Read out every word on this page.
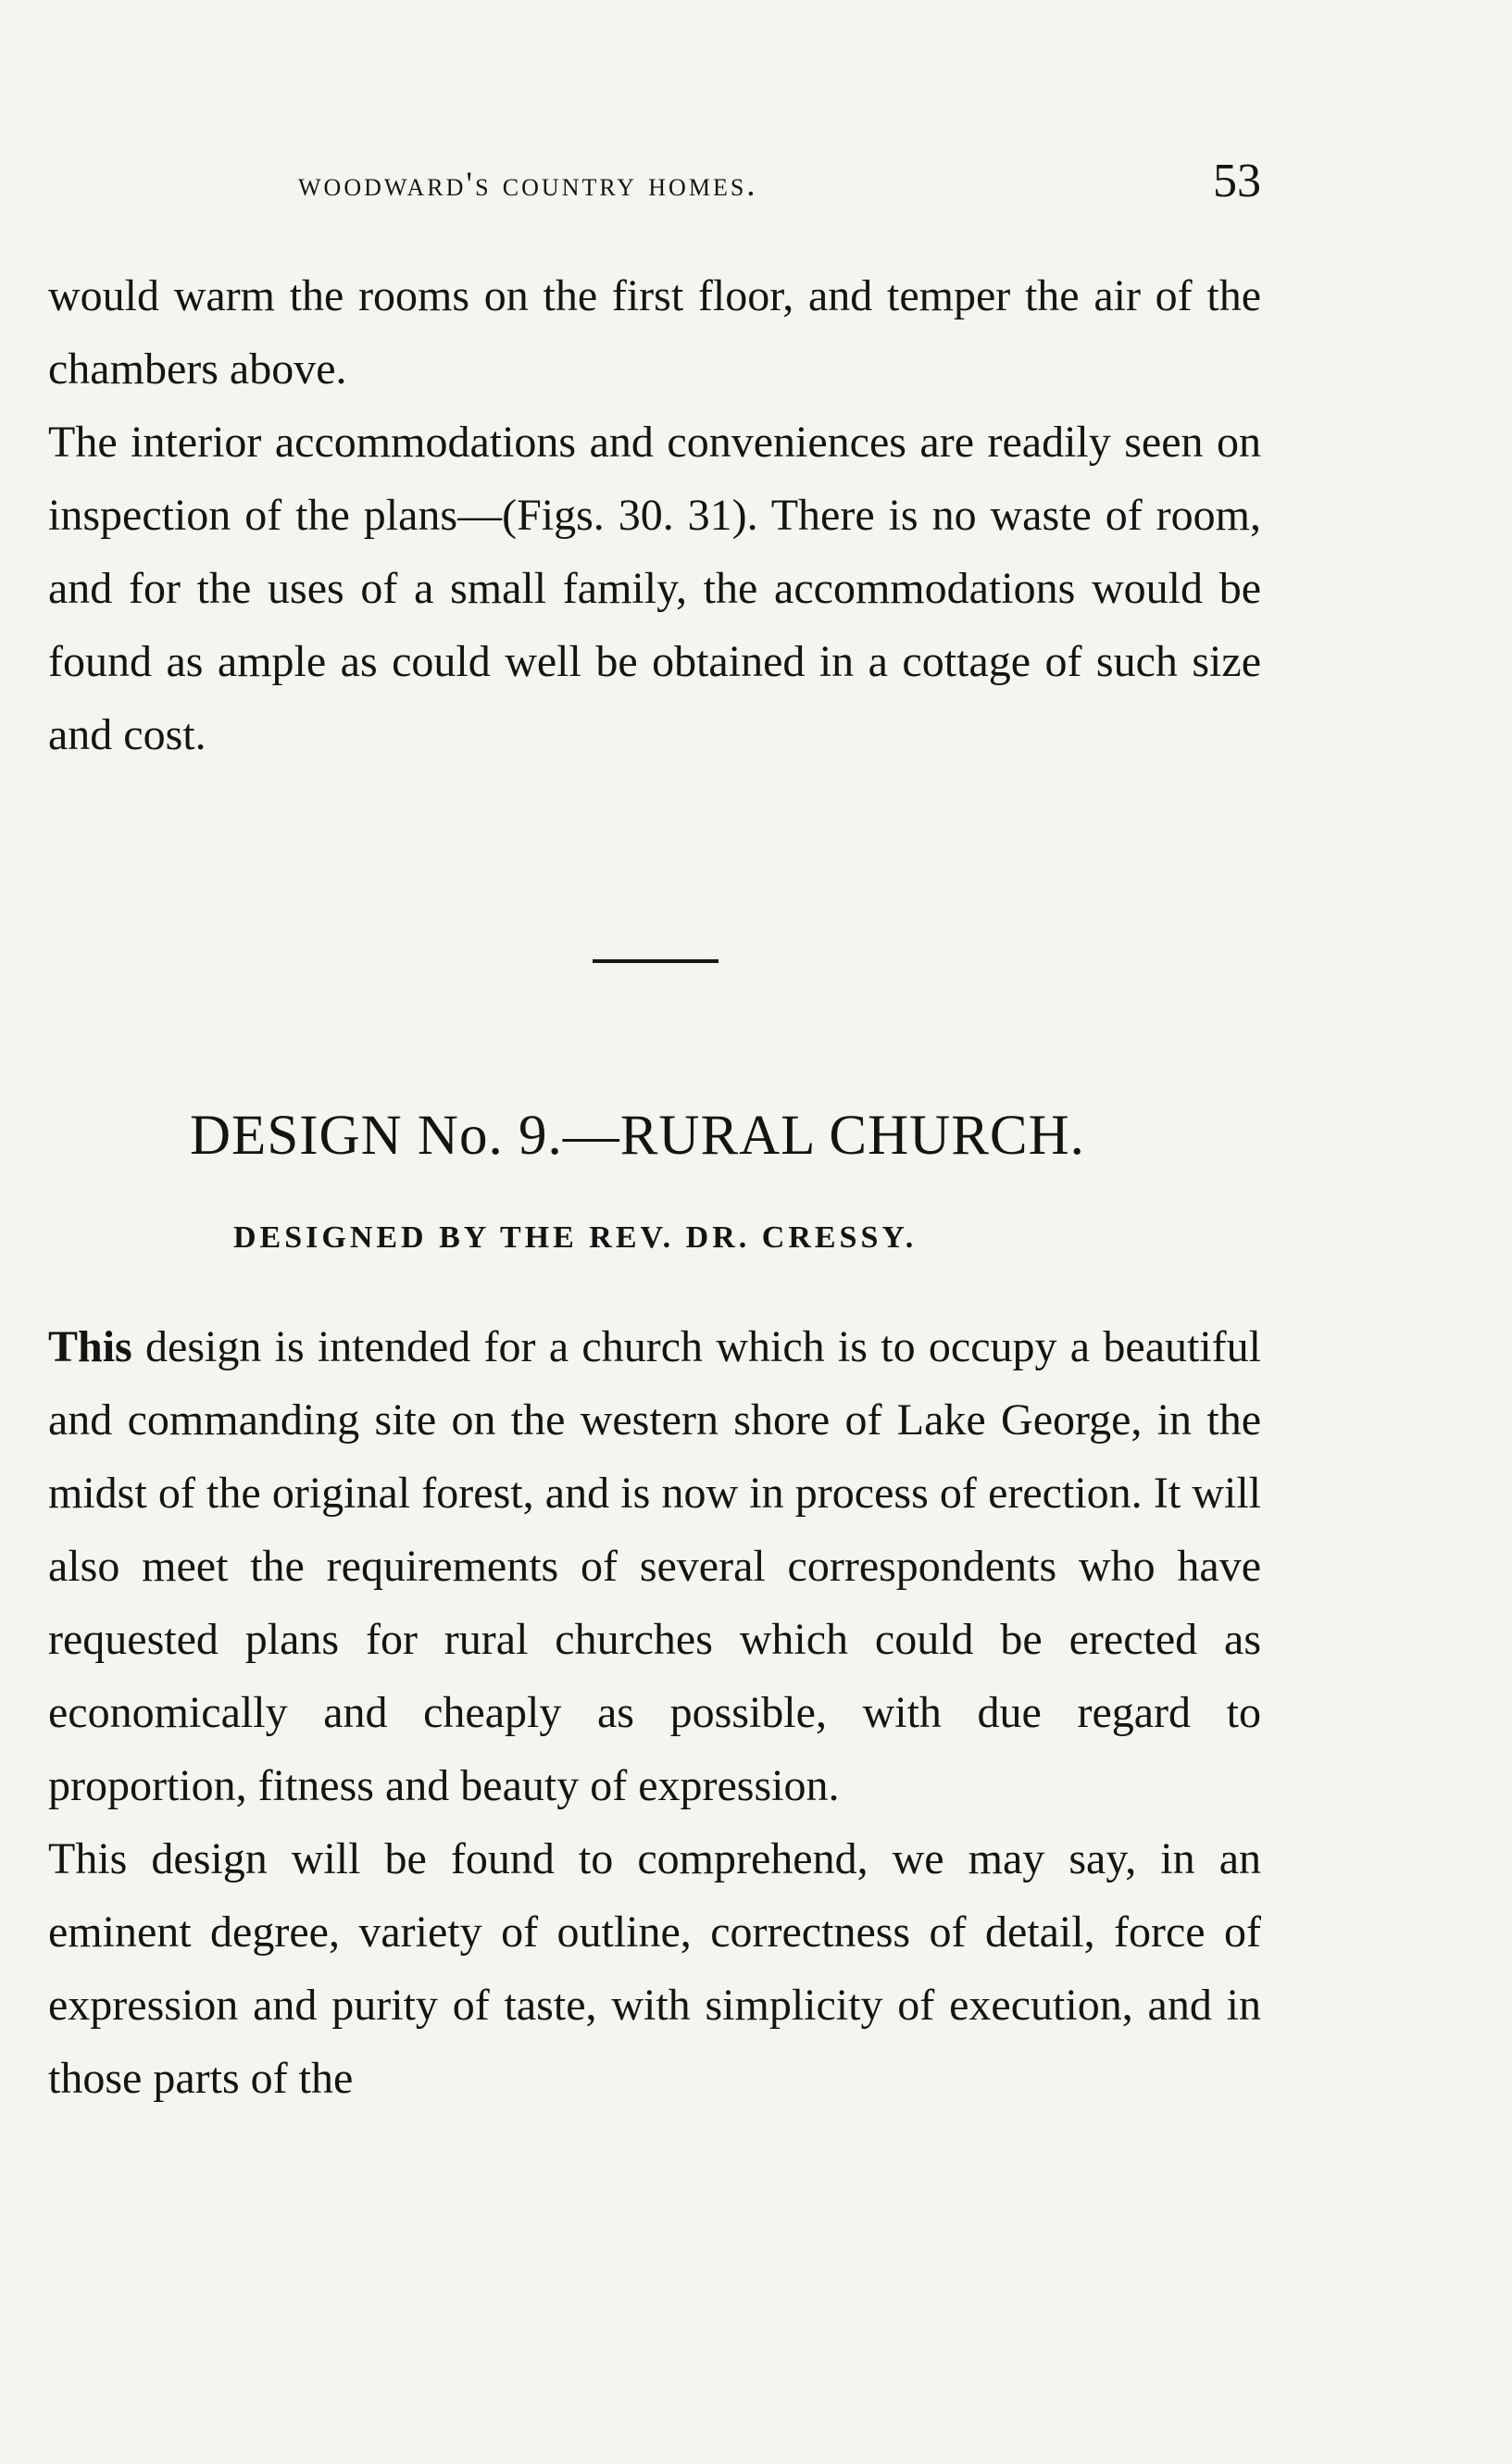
woodward's country homes.	53
would warm the rooms on the first floor, and temper the air of the chambers above.
The interior accommodations and conveniences are readily seen on inspection of the plans—(Figs. 30. 31). There is no waste of room, and for the uses of a small family, the accommodations would be found as ample as could well be obtained in a cottage of such size and cost.
DESIGN No. 9.—RURAL CHURCH.
DESIGNED BY THE REV. DR. CRESSY.
This design is intended for a church which is to occupy a beautiful and commanding site on the western shore of Lake George, in the midst of the original forest, and is now in process of erection. It will also meet the requirements of several correspondents who have requested plans for rural churches which could be erected as economically and cheaply as possible, with due regard to proportion, fitness and beauty of expression.
This design will be found to comprehend, we may say, in an eminent degree, variety of outline, correctness of detail, force of expression and purity of taste, with simplicity of execution, and in those parts of the
